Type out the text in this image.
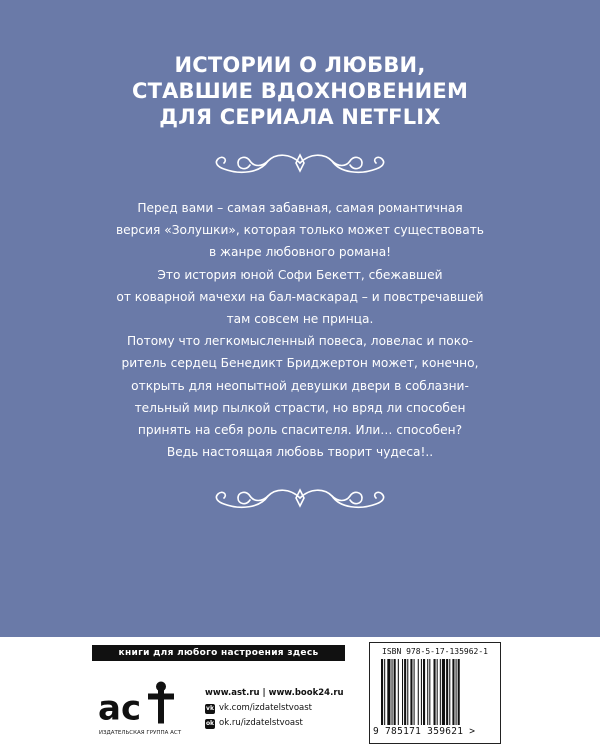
ИСТОРИИ О ЛЮБВИ,
СТАВШИЕ ВДОХНОВЕНИЕМ
ДЛЯ СЕРИАЛА NETFLIX
Перед вами – самая забавная, самая романтичная
версия «Золушки», которая только может существовать
в жанре любовного романа!
Это история юной Софи Бекетт, сбежавшей
от коварной мачехи на бал-маскарад – и повстречавшей
там совсем не принца.
Потому что легкомысленный повеса, ловелас и поко-
ритель сердец Бенедикт Бриджертон может, конечно,
открыть для неопытной девушки двери в соблазни-
тельный мир пылкой страсти, но вряд ли способен
принять на себя роль спасителя. Или… способен?
Ведь настоящая любовь творит чудеса!..
книги для любого настроения здесь
ас
ИЗДАТЕЛЬСКАЯ ГРУППА АСТ
www.ast.ru | www.book24.ru
vk vk.com/izdatelstvoast
ok ok.ru/izdatelstvoast
ISBN 978-5-17-135962-1
9 785171 359621 >
